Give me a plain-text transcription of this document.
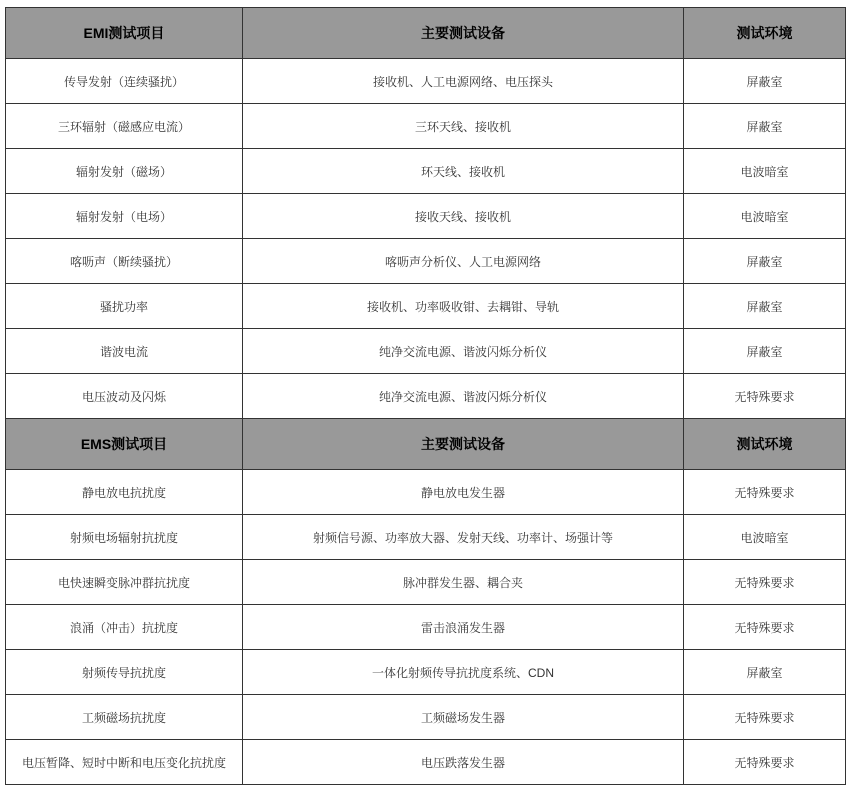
EMI测试项目	主要测试设备	测试环境
传导发射（连续骚扰）	接收机、人工电源网络、电压探头	屏蔽室
三环辐射（磁感应电流）	三环天线、接收机	屏蔽室
辐射发射（磁场）	环天线、接收机	电波暗室
辐射发射（电场）	接收天线、接收机	电波暗室
喀呖声（断续骚扰）	喀呖声分析仪、人工电源网络	屏蔽室
骚扰功率	接收机、功率吸收钳、去耦钳、导轨	屏蔽室
谐波电流	纯净交流电源、谐波闪烁分析仪	屏蔽室
电压波动及闪烁	纯净交流电源、谐波闪烁分析仪	无特殊要求
EMS测试项目	主要测试设备	测试环境
静电放电抗扰度	静电放电发生器	无特殊要求
射频电场辐射抗扰度	射频信号源、功率放大器、发射天线、功率计、场强计等	电波暗室
电快速瞬变脉冲群抗扰度	脉冲群发生器、耦合夹	无特殊要求
浪涌（冲击）抗扰度	雷击浪涌发生器	无特殊要求
射频传导抗扰度	一体化射频传导抗扰度系统、CDN	屏蔽室
工频磁场抗扰度	工频磁场发生器	无特殊要求
电压暂降、短时中断和电压变化抗扰度	电压跌落发生器	无特殊要求
